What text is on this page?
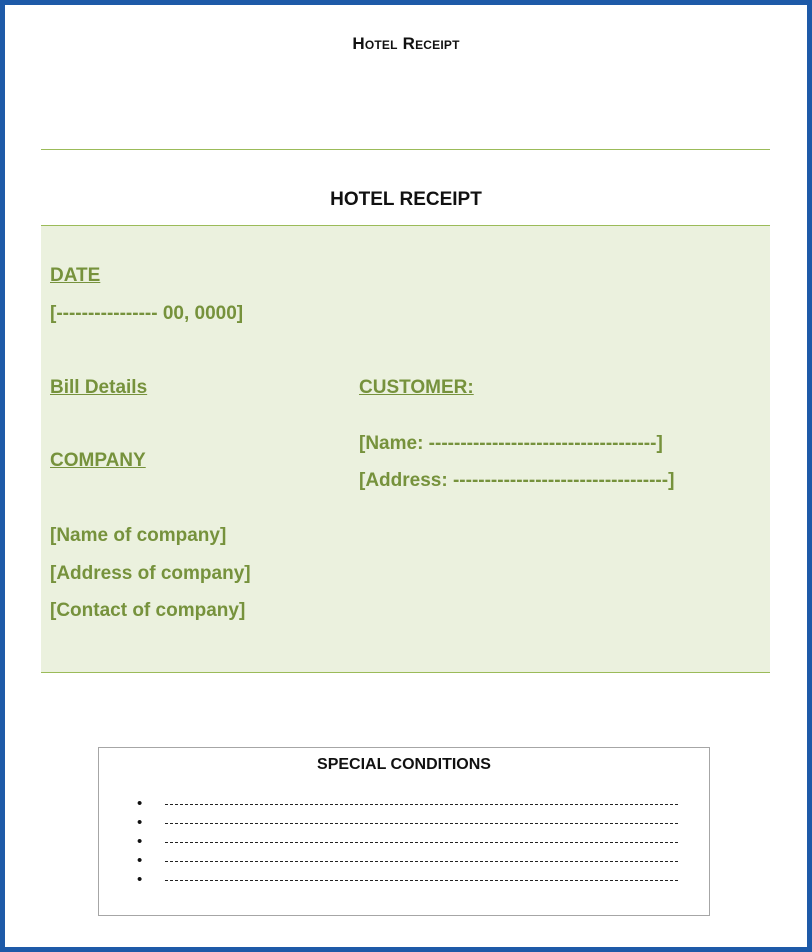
Hotel Receipt
HOTEL RECEIPT
DATE
[---------------- 00, 0000]
Bill Details	CUSTOMER:
[Name: ------------------------------------]
[Address: ----------------------------------]
COMPANY
[Name of company]
[Address of company]
[Contact of company]
SPECIAL CONDITIONS
•
•
•
•
•
